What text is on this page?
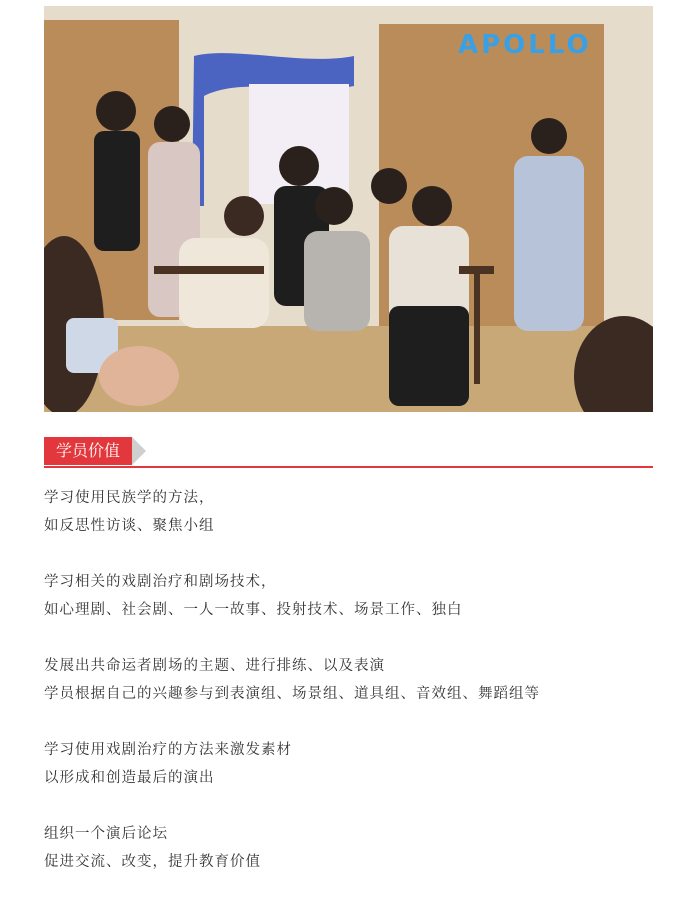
APOLLO
学员价值
学习使用民族学的方法，
如反思性访谈、聚焦小组
学习相关的戏剧治疗和剧场技术，
如心理剧、社会剧、一人一故事、投射技术、场景工作、独白
发展出共命运者剧场的主题、进行排练、以及表演
学员根据自己的兴趣参与到表演组、场景组、道具组、音效组、舞蹈组等
学习使用戏剧治疗的方法来激发素材
以形成和创造最后的演出
组织一个演后论坛
促进交流、改变，提升教育价值
